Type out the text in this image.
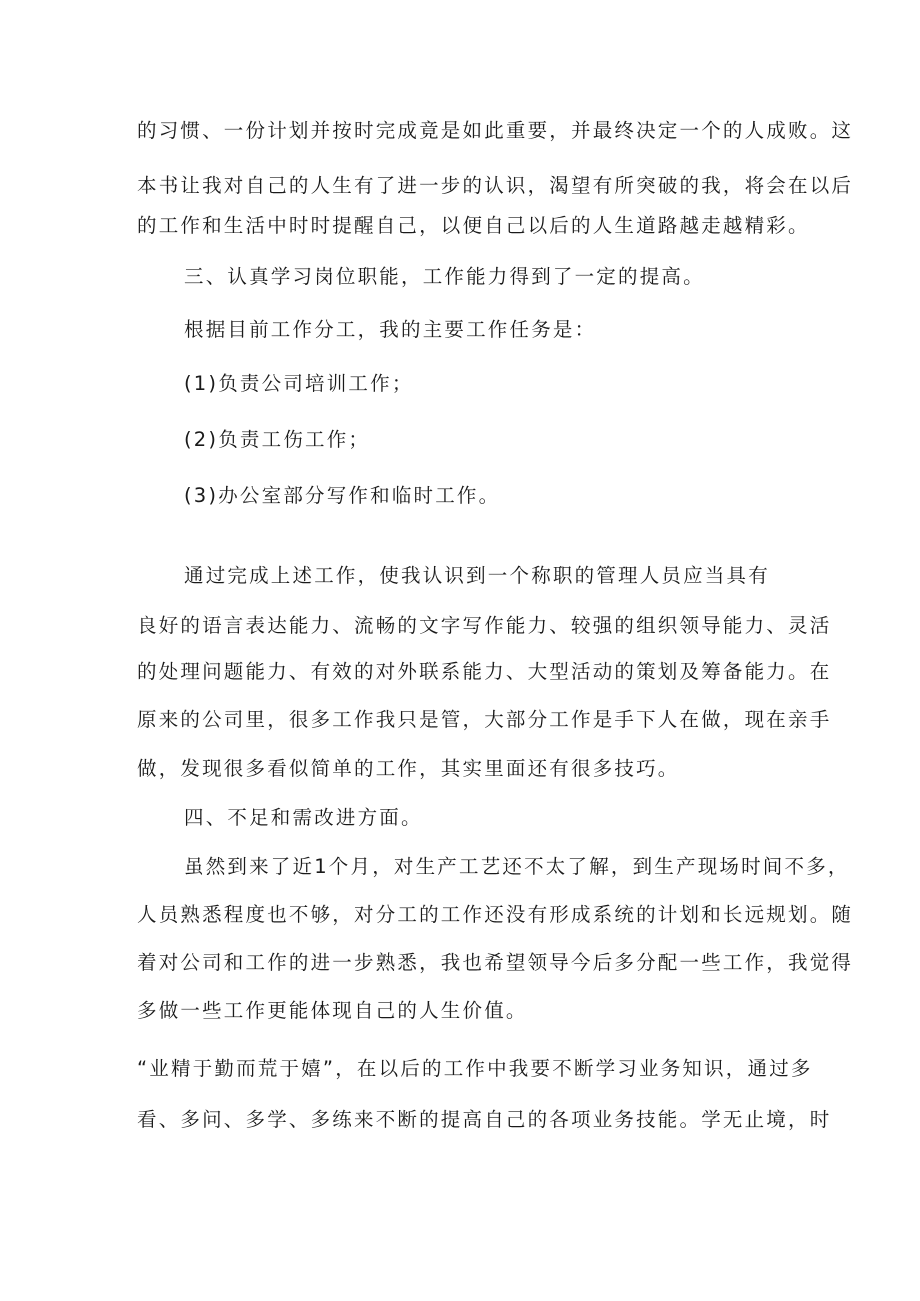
的习惯、一份计划并按时完成竟是如此重要，并最终决定一个的人成败。这
本书让我对自己的人生有了进一步的认识，渴望有所突破的我，将会在以后
的工作和生活中时时提醒自己，以便自己以后的人生道路越走越精彩。
三、认真学习岗位职能，工作能力得到了一定的提高。
根据目前工作分工，我的主要工作任务是：
(1)负责公司培训工作；
(2)负责工伤工作；
(3)办公室部分写作和临时工作。
通过完成上述工作，使我认识到一个称职的管理人员应当具有
良好的语言表达能力、流畅的文字写作能力、较强的组织领导能力、灵活
的处理问题能力、有效的对外联系能力、大型活动的策划及筹备能力。在
原来的公司里，很多工作我只是管，大部分工作是手下人在做，现在亲手
做，发现很多看似简单的工作，其实里面还有很多技巧。
四、不足和需改进方面。
虽然到来了近1个月，对生产工艺还不太了解，到生产现场时间不多，
人员熟悉程度也不够，对分工的工作还没有形成系统的计划和长远规划。随
着对公司和工作的进一步熟悉，我也希望领导今后多分配一些工作，我觉得
多做一些工作更能体现自己的人生价值。
“业精于勤而荒于嬉”，在以后的工作中我要不断学习业务知识，通过多
看、多问、多学、多练来不断的提高自己的各项业务技能。学无止境，时
